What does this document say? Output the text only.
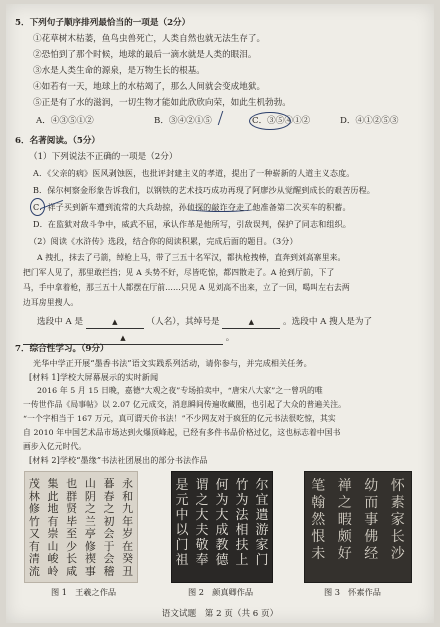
5．下列句子顺序排列最恰当的一项是（2分）
①花草树木枯萎，鱼鸟虫兽死亡，人类自然也就无法生存了。
②恐怕到了那个时候，地球的最后一滴水就是人类的眼泪。
③水是人类生命的源泉，是万物生长的根基。
④如若有一天，地球上的水枯竭了，那么人间就会变成地狱。
⑤正是有了水的滋润，一切生物才能如此欣欣向荣，如此生机勃勃。
A．④③⑤①②	B．③④②①⑤	C．③⑤④①②	D．④①②⑤③
6．名著阅读。（5分）
（1）下列说法不正确的一项是（2分）
A．《父亲的病》医风剥蚀医，也批评封建主义的孝道，提出了一种崭新的人道主义态度。
B．保尔柯察金形象告诉我们，以钢铁的艺术技巧成功再现了阿廖沙从觉醒到成长的艰苦历程。
C．祥子买到新车遭到流常的大兵劫掠，孙侦探的敲诈夺走了他准备第二次买车的积蓄。
D．在监狱对敌斗争中，威武不屈，承认作革是他所写，引敌误判，保护了同志和组织。
（2）阅读《水浒传》选段，结合你的阅读积累，完成后面的题目。（3分）
A 拽扎，抹去了弓箭，绰枪上马，带了三五十名军汉，都执枪拽棒，直奔到刘高寨里来。
把门军人见了，那里敢拦挡；见 A 头势不好，尽皆吃惊，都四散走了。A 抢到厅前，下了
马，手中拿着枪，那三五十人都摆在厅前……只见 A 见刘高不出来，立了一回，喝叫左右去两
边耳房里搜人。
选段中 A 是	▲	（人名），其绰号是	▲	。选段中 A 搜人是为了
▲	。
7．综合性学习。（9分）
光华中学正开展“墨香书法”语文实践系列活动，请你参与，并完成相关任务。
[材料 1]学校大屏幕展示的实时新闻
2016 年 5 月 15 日晚，嘉德“大观之夜”专场拍卖中，“唐宋八大家”之一曾巩的唯
一传世作品《局事帖》以 2.07 亿元成交，消息瞬间传遍收藏圈，也引起了大众的普遍关注。
“一个字相当于 167 万元，真可谓天价书法！”不少网友对于疯狂的亿元书法很吃惊，其实
自 2010 年中国艺术品市场达到火爆顶峰起，已经有多件书品价格过亿，这也标志着中国书
画步入亿元时代。
永和九年岁在癸丑
暮春之初会于会稽
山阴之兰亭修禊事
也群贤毕至少长咸
集此地有崇山峻岭
茂林修竹又有清流
尔宜遣游家门
竹为法相扶上
何为大成教德
谓之大夫敬奉
是元中以门祖
怀素家长沙
幼而事佛经
禅之暇颇好
笔翰然恨未
图 1　王羲之作品	图 2　颜真卿作品	图 3　怀素作品
语文试题　第 2 页（共 6 页）
[材料 2]学校“墨缘”书法社团展出的部分书法作品
